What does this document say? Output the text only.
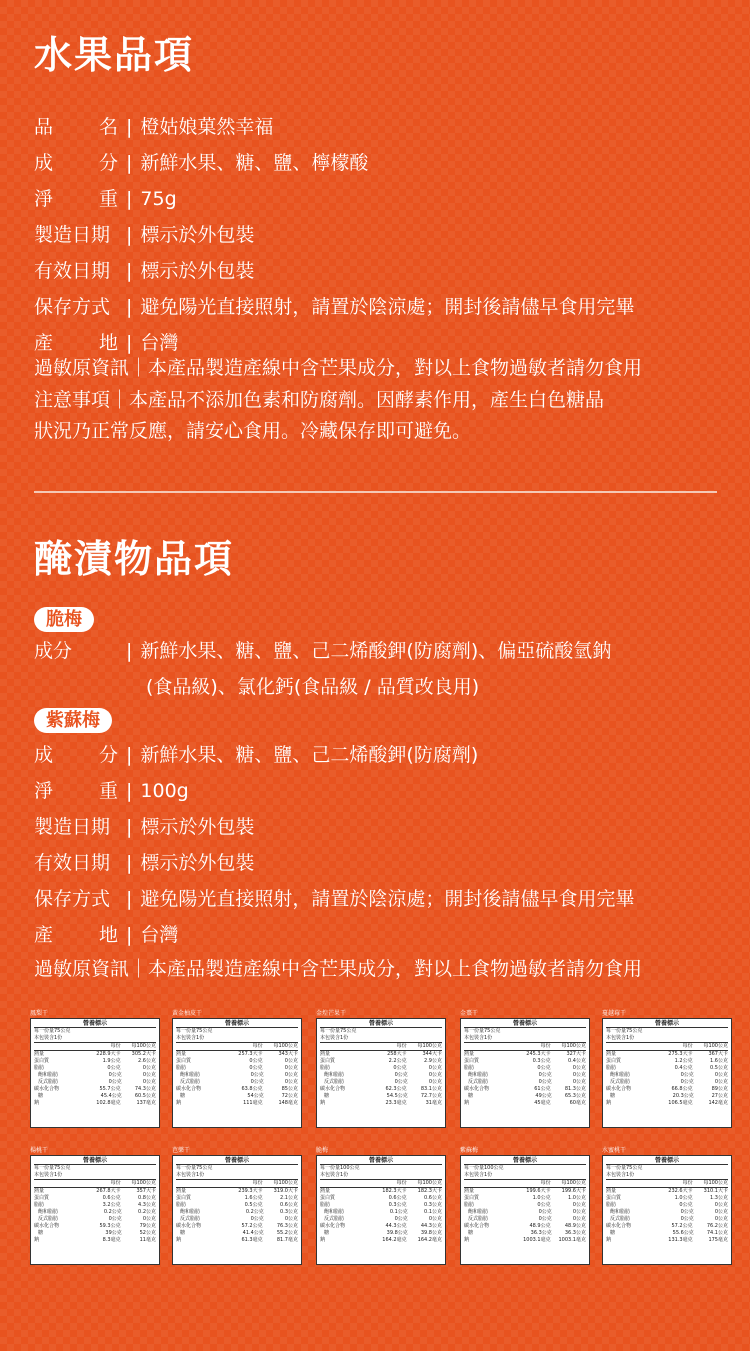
水果品項
品 名 | 橙姑娘菓然幸福
成 分 | 新鮮水果、糖、鹽、檸檬酸
淨 重 | 75g
製造日期 | 標示於外包裝
有效日期 | 標示於外包裝
保存方式 | 避免陽光直接照射，請置於陰涼處；開封後請儘早食用完畢
產 地 | 台灣
過敏原資訊｜本產品製造產線中含芒果成分，對以上食物過敏者請勿食用
注意事項｜本產品不添加色素和防腐劑。因酵素作用，產生白色糖晶
狀況乃正常反應，請安心食用。冷藏保存即可避免。
醃漬物品項
脆梅
成分	| 新鮮水果、糖、鹽、己二烯酸鉀(防腐劑)、偏亞硫酸氫鈉
(食品級)、氯化鈣(食品級 / 品質改良用)
紫蘇梅
成 分 | 新鮮水果、糖、鹽、己二烯酸鉀(防腐劑)
淨 重 | 100g
製造日期 | 標示於外包裝
有效日期 | 標示於外包裝
保存方式 | 避免陽光直接照射，請置於陰涼處；開封後請儘早食用完畢
產 地 | 台灣
過敏原資訊｜本產品製造產線中含芒果成分，對以上食物過敏者請勿食用
鳳梨干
營養標示
每一份量75公克
本包裝含1份
每份	每100公克
熱量	228.9大卡	305.2大卡
蛋白質	1.9公克	2.6公克
脂肪	0公克	0公克
飽和脂肪	0公克	0公克
反式脂肪	0公克	0公克
碳水化合物	55.7公克	74.3公克
糖	45.4公克	60.5公克
鈉	102.8毫克	137毫克
黃金柚皮干
營養標示
每一份量75公克
本包裝含1份
每份	每100公克
熱量	257.3大卡	343大卡
蛋白質	0公克	0公克
脂肪	0公克	0公克
飽和脂肪	0公克	0公克
反式脂肪	0公克	0公克
碳水化合物	63.8公克	85公克
糖	54公克	72公克
鈉	111毫克	148毫克
金煌芒果干
營養標示
每一份量75公克
本包裝含1份
每份	每100公克
熱量	258大卡	344大卡
蛋白質	2.2公克	2.9公克
脂肪	0公克	0公克
飽和脂肪	0公克	0公克
反式脂肪	0公克	0公克
碳水化合物	62.3公克	83.1公克
糖	54.5公克	72.7公克
鈉	23.3毫克	31毫克
金棗干
營養標示
每一份量75公克
本包裝含1份
每份	每100公克
熱量	245.3大卡	327大卡
蛋白質	0.3公克	0.4公克
脂肪	0公克	0公克
飽和脂肪	0公克	0公克
反式脂肪	0公克	0公克
碳水化合物	61公克	81.3公克
糖	49公克	65.3公克
鈉	45毫克	60毫克
蔓越莓干
營養標示
每一份量75公克
本包裝含1份
每份	每100公克
熱量	275.3大卡	367大卡
蛋白質	1.2公克	1.6公克
脂肪	0.4公克	0.5公克
飽和脂肪	0公克	0公克
反式脂肪	0公克	0公克
碳水化合物	66.8公克	89公克
糖	20.3公克	27公克
鈉	106.5毫克	142毫克
楊桃干
營養標示
每一份量75公克
本包裝含1份
每份	每100公克
熱量	267.8大卡	357大卡
蛋白質	0.6公克	0.8公克
脂肪	3.2公克	4.3公克
飽和脂肪	0.2公克	0.2公克
反式脂肪	0公克	0公克
碳水化合物	59.3公克	79公克
糖	39公克	52公克
鈉	8.3毫克	11毫克
芭樂干
營養標示
每一份量75公克
本包裝含1份
每份	每100公克
熱量	239.3大卡	319.0大卡
蛋白質	1.6公克	2.1公克
脂肪	0.5公克	0.6公克
飽和脂肪	0.2公克	0.3公克
反式脂肪	0公克	0公克
碳水化合物	57.2公克	76.3公克
糖	41.4公克	55.2公克
鈉	61.3毫克	81.7毫克
脆梅
營養標示
每一份量100公克
本包裝含1份
每份	每100公克
熱量	182.3大卡	182.3大卡
蛋白質	0.6公克	0.6公克
脂肪	0.3公克	0.3公克
飽和脂肪	0.1公克	0.1公克
反式脂肪	0公克	0公克
碳水化合物	44.3公克	44.3公克
糖	39.8公克	39.8公克
鈉	164.2毫克	164.2毫克
紫蘇梅
營養標示
每一份量100公克
本包裝含1份
每份	每100公克
熱量	199.6大卡	199.6大卡
蛋白質	1.0公克	1.0公克
脂肪	0公克	0公克
飽和脂肪	0公克	0公克
反式脂肪	0公克	0公克
碳水化合物	48.9公克	48.9公克
糖	36.3公克	36.3公克
鈉	1003.1毫克	1003.1毫克
水蜜桃干
營養標示
每一份量75公克
本包裝含1份
每份	每100公克
熱量	232.6大卡	310.1大卡
蛋白質	1.0公克	1.3公克
脂肪	0公克	0公克
飽和脂肪	0公克	0公克
反式脂肪	0公克	0公克
碳水化合物	57.2公克	76.2公克
糖	55.6公克	74.1公克
鈉	131.3毫克	175毫克
